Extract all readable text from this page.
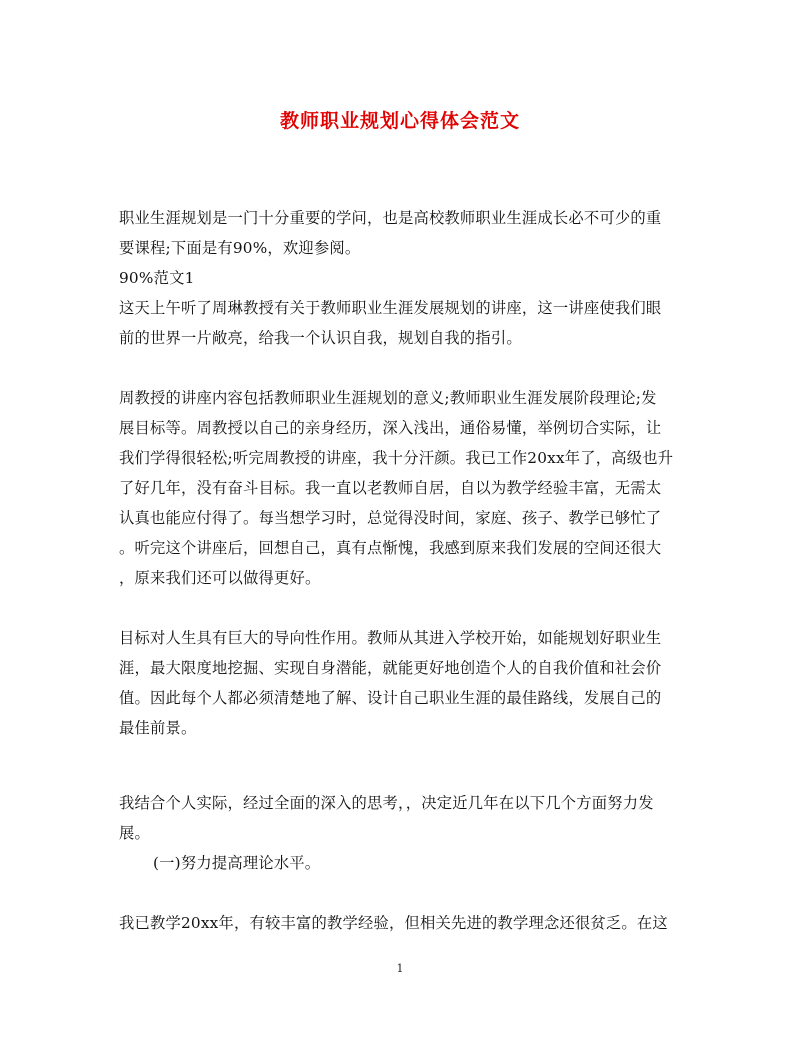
教师职业规划心得体会范文

职业生涯规划是一门十分重要的学问，也是高校教师职业生涯成长必不可少的重
要课程;下面是有90%，欢迎参阅。

90%范文1

这天上午听了周琳教授有关于教师职业生涯发展规划的讲座，这一讲座使我们眼
前的世界一片敞亮，给我一个认识自我，规划自我的指引。

周教授的讲座内容包括教师职业生涯规划的意义;教师职业生涯发展阶段理论;发
展目标等。周教授以自己的亲身经历，深入浅出，通俗易懂，举例切合实际，让
我们学得很轻松;听完周教授的讲座，我十分汗颜。我已工作20xx年了，高级也升
了好几年，没有奋斗目标。我一直以老教师自居，自以为教学经验丰富，无需太
认真也能应付得了。每当想学习时，总觉得没时间，家庭、孩子、教学已够忙了
。听完这个讲座后，回想自己，真有点惭愧，我感到原来我们发展的空间还很大
，原来我们还可以做得更好。

目标对人生具有巨大的导向性作用。教师从其进入学校开始，如能规划好职业生
涯，最大限度地挖掘、实现自身潜能，就能更好地创造个人的自我价值和社会价
值。因此每个人都必须清楚地了解、设计自己职业生涯的最佳路线，发展自己的
最佳前景。

我结合个人实际，经过全面的深入的思考，，决定近几年在以下几个方面努力发
展。

(一)努力提高理论水平。

我已教学20xx年，有较丰富的教学经验，但相关先进的教学理念还很贫乏。在这

1
